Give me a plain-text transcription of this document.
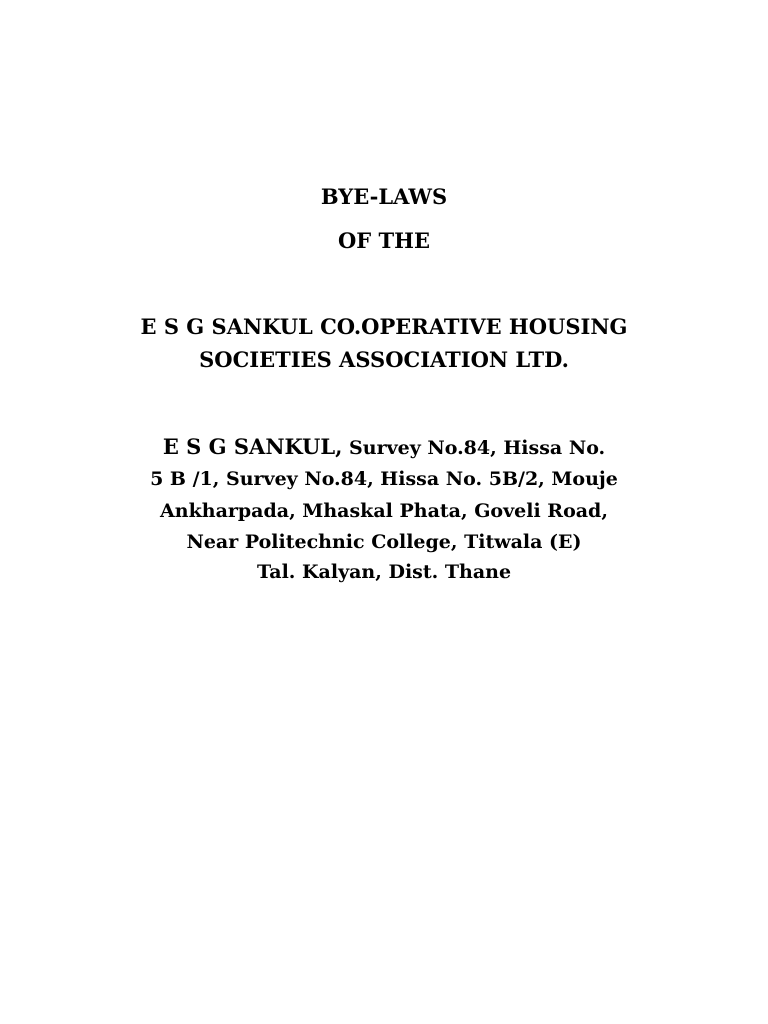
BYE-LAWS
OF THE
E S G SANKUL CO.OPERATIVE HOUSING
SOCIETIES ASSOCIATION LTD.
E S G SANKUL, Survey No.84, Hissa No.
5 B /1, Survey No.84, Hissa No. 5B/2, Mouje
Ankharpada, Mhaskal Phata, Goveli Road,
Near Politechnic College, Titwala (E)
Tal. Kalyan, Dist. Thane
